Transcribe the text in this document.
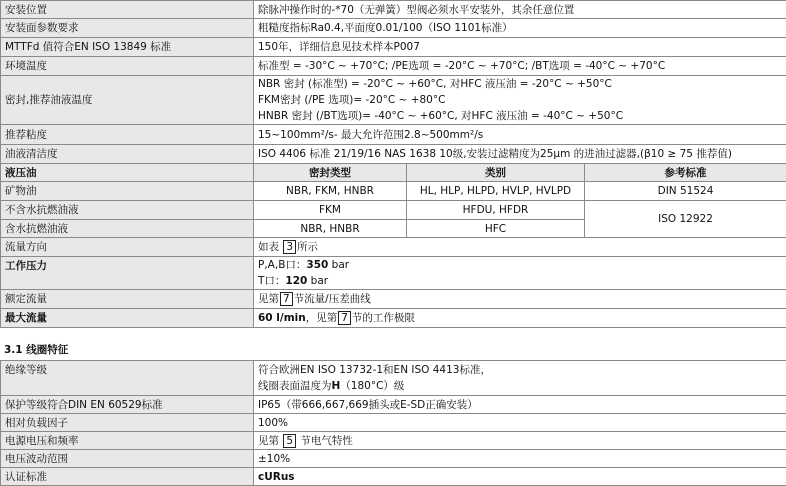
安装位置	除脉冲操作时的-*70（无弹簧）型阀必须水平安装外，其余任意位置		
安装面参数要求	粗糙度指标Ra0.4,平面度0.01/100（ISO 1101标准）		
MTTFd 值符合EN ISO 13849 标准	150年，详细信息见技术样本P007		
环境温度	标准型 = -30°C ~ +70°C; /PE选项 = -20°C ~ +70°C; /BT选项 = -40°C ~ +70°C		
密封,推荐油液温度	NBR 密封 (标准型) = -20°C ~ +60°C, 对HFC 液压油 = -20°C ~ +50°C
FKM密封 (/PE 选项)= -20°C ~ +80°C
HNBR 密封 (/BT选项)= -40°C ~ +60°C, 对HFC 液压油 = -40°C ~ +50°C		

推荐粘度	15~100mm²/s- 最大允许范围2.8~500mm²/s		
油液清洁度	ISO 4406 标准 21/19/16 NAS 1638 10级,安装过滤精度为25μm 的进油过滤器,(β10 ≥ 75 推荐值)		
液压油	密封类型	类别	参考标准
矿物油	NBR, FKM, HNBR	HL, HLP, HLPD, HVLP, HVLPD	DIN 51524
不含水抗燃油液	FKM	HFDU, HFDR	ISO 12922
含水抗燃油液	NBR, HNBR	HFC	
流量方向	如表 3 所示		
工作压力	P,A,B口：350 bar
T口：120 bar		

额定流量	见第 7 节流量/压差曲线		
最大流量	60 l/min，见第 7 节的工作极限		
3.1 线圈特征
绝缘等级	符合欧洲EN ISO 13732-1和EN ISO 4413标准，
线圈表面温度为H（180°C）级

保护等级符合DIN EN 60529标准	IP65（带666,667,669插头或E-SD正确安装）
相对负载因子	100%
电源电压和频率	见第 5 节电气特性
电压波动范围	±10%
认证标准	cURus
